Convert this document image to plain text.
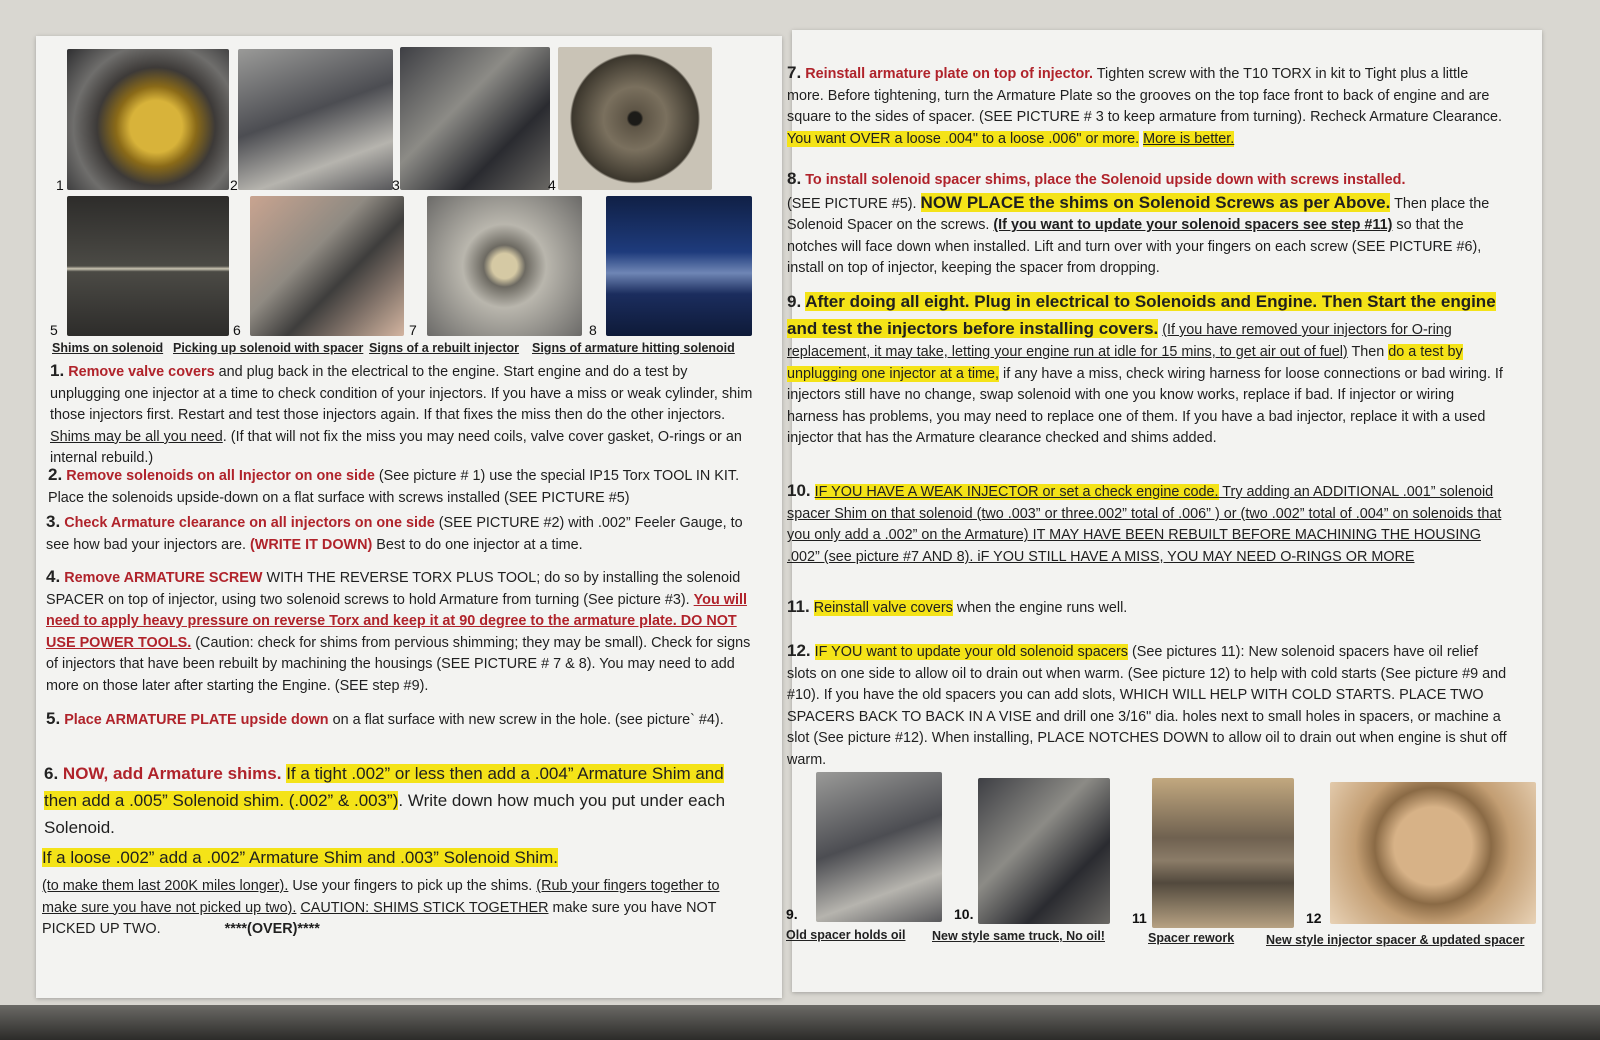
1	2	3	4
5	6	7	8
Shims on solenoid Picking up solenoid with spacer Signs of a rebuilt injector Signs of armature hitting solenoid
1. Remove valve covers and plug back in the electrical to the engine. Start engine and do a test by unplugging one injector at a time to check condition of your injectors. If you have a miss or weak cylinder, shim those injectors first. Restart and test those injectors again. If that fixes the miss then do the other injectors. Shims may be all you need. (If that will not fix the miss you may need coils, valve cover gasket, O-rings or an internal rebuild.)
2. Remove solenoids on all Injector on one side (See picture # 1) use the special IP15 Torx TOOL IN KIT. Place the solenoids upside-down on a flat surface with screws installed (SEE PICTURE #5)
3. Check Armature clearance on all injectors on one side (SEE PICTURE #2) with .002” Feeler Gauge, to see how bad your injectors are. (WRITE IT DOWN) Best to do one injector at a time.
4. Remove ARMATURE SCREW WITH THE REVERSE TORX PLUS TOOL; do so by installing the solenoid SPACER on top of injector, using two solenoid screws to hold Armature from turning (See picture #3). You will need to apply heavy pressure on reverse Torx and keep it at 90 degree to the armature plate. DO NOT USE POWER TOOLS. (Caution: check for shims from pervious shimming; they may be small). Check for signs of injectors that have been rebuilt by machining the housings (SEE PICTURE # 7 & 8). You may need to add more on those later after starting the Engine. (SEE step #9).
5. Place ARMATURE PLATE upside down on a flat surface with new screw in the hole. (see picture` #4).
6. NOW, add Armature shims. If a tight .002” or less then add a .004” Armature Shim and then add a .005” Solenoid shim. (.002” & .003”). Write down how much you put under each Solenoid.
If a loose .002” add a .002” Armature Shim and .003” Solenoid Shim.
(to make them last 200K miles longer). Use your fingers to pick up the shims. (Rub your fingers together to make sure you have not picked up two). CAUTION: SHIMS STICK TOGETHER make sure you have NOT PICKED UP TWO.	****(OVER)****
7. Reinstall armature plate on top of injector. Tighten screw with the T10 TORX in kit to Tight plus a little more. Before tightening, turn the Armature Plate so the grooves on the top face front to back of engine and are square to the sides of spacer. (SEE PICTURE # 3 to keep armature from turning). Recheck Armature Clearance. You want OVER a loose .004" to a loose .006" or more. More is better.
8. To install solenoid spacer shims, place the Solenoid upside down with screws installed.
(SEE PICTURE #5). NOW PLACE the shims on Solenoid Screws as per Above. Then place the Solenoid Spacer on the screws. (If you want to update your solenoid spacers see step #11) so that the notches will face down when installed. Lift and turn over with your fingers on each screw (SEE PICTURE #6), install on top of injector, keeping the spacer from dropping.
9. After doing all eight. Plug in electrical to Solenoids and Engine. Then Start the engine and test the injectors before installing covers. (If you have removed your injectors for O-ring replacement, it may take, letting your engine run at idle for 15 mins, to get air out of fuel) Then do a test by unplugging one injector at a time, if any have a miss, check wiring harness for loose connections or bad wiring. If injectors still have no change, swap solenoid with one you know works, replace if bad. If injector or wiring harness has problems, you may need to replace one of them. If you have a bad injector, replace it with a used injector that has the Armature clearance checked and shims added.
10. IF YOU HAVE A WEAK INJECTOR or set a check engine code. Try adding an ADDITIONAL .001” solenoid spacer Shim on that solenoid (two .003” or three.002” total of .006” ) or (two .002” total of .004” on solenoids that you only add a .002” on the Armature) IT MAY HAVE BEEN REBUILT BEFORE MACHINING THE HOUSING .002” (see picture #7 AND 8). iF YOU STILL HAVE A MISS, YOU MAY NEED O-RINGS OR MORE
11. Reinstall valve covers when the engine runs well.
12. IF YOU want to update your old solenoid spacers (See pictures 11): New solenoid spacers have oil relief slots on one side to allow oil to drain out when warm. (See picture 12) to help with cold starts (See picture #9 and #10). If you have the old spacers you can add slots, WHICH WILL HELP WITH COLD STARTS. PLACE TWO SPACERS BACK TO BACK IN A VISE and drill one 3/16" dia. holes next to small holes in spacers, or machine a slot (See picture #12). When installing, PLACE NOTCHES DOWN to allow oil to drain out when engine is shut off warm.
9.	10.	11	12
Old spacer holds oil New style same truck, No oil!	Spacer rework	New style injector spacer & updated spacer
